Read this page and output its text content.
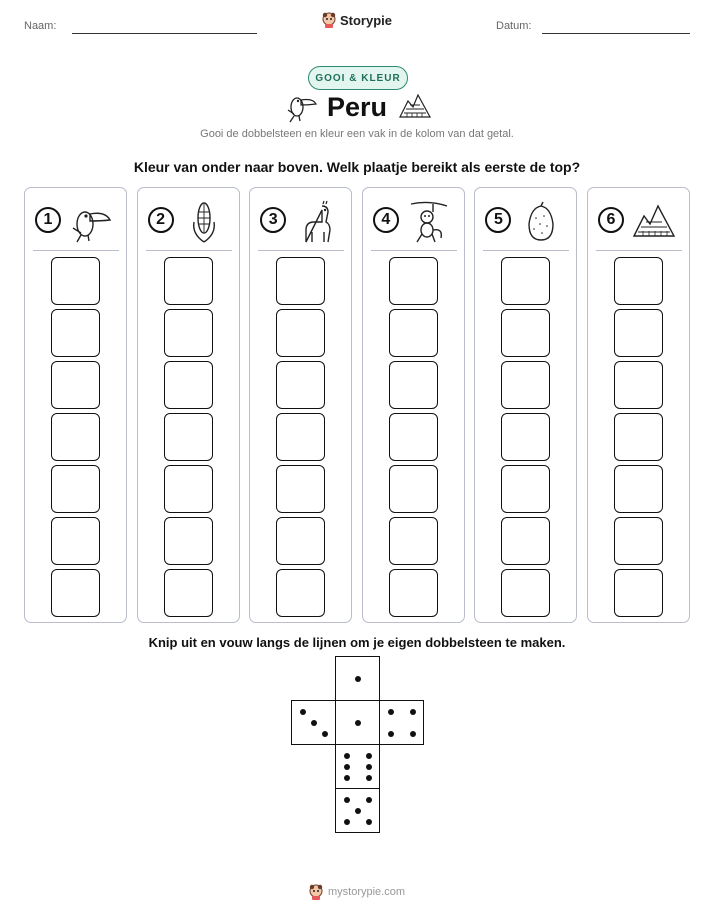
Naam:	Storypie	Datum:
GOOI & KLEUR
Peru
Gooi de dobbelsteen en kleur een vak in de kolom van dat getal.
Kleur van onder naar boven. Welk plaatje bereikt als eerste de top?
1	2	3	4	5	6
Knip uit en vouw langs de lijnen om je eigen dobbelsteen te maken.
mystorypie.com
